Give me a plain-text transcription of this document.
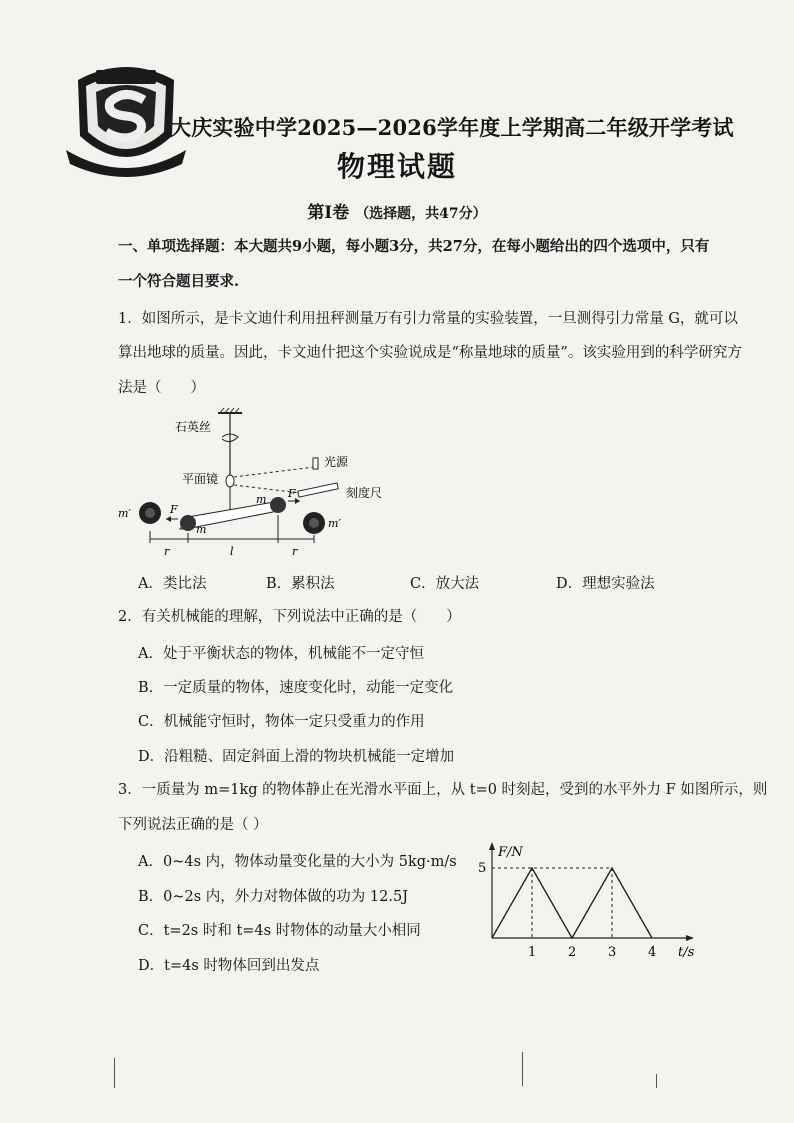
大庆实验中学2025—2026学年度上学期高二年级开学考试
物理试题
第Ⅰ卷 （选择题，共47分）
一、单项选择题：本大题共9小题，每小题3分，共27分，在每小题给出的四个选项中，只有
一个符合题目要求.
1．如图所示，是卡文迪什利用扭秤测量万有引力常量的实验装置，一旦测得引力常量 G，就可以
算出地球的质量。因此，卡文迪什把这个实验说成是“称量地球的质量”。该实验用到的科学研究方
法是（　　）
石英丝
平面镜
光源
刻度尺
m′	F
m
m F
m′
r	l	r
A．类比法	B．累积法	C．放大法	D．理想实验法
2．有关机械能的理解，下列说法中正确的是（　　）
A．处于平衡状态的物体，机械能不一定守恒
B．一定质量的物体，速度变化时，动能一定变化
C．机械能守恒时，物体一定只受重力的作用
D．沿粗糙、固定斜面上滑的物块机械能一定增加
3．一质量为 m=1kg 的物体静止在光滑水平面上，从 t=0 时刻起，受到的水平外力 F 如图所示，则
下列说法正确的是（ ）
A．0~4s 内，物体动量变化量的大小为 5kg·m/s
B．0~2s 内，外力对物体做的功为 12.5J
C．t=2s 时和 t=4s 时物体的动量大小相同
D．t=4s 时物体回到出发点
F/N
t/s
1 2 3 4
5
